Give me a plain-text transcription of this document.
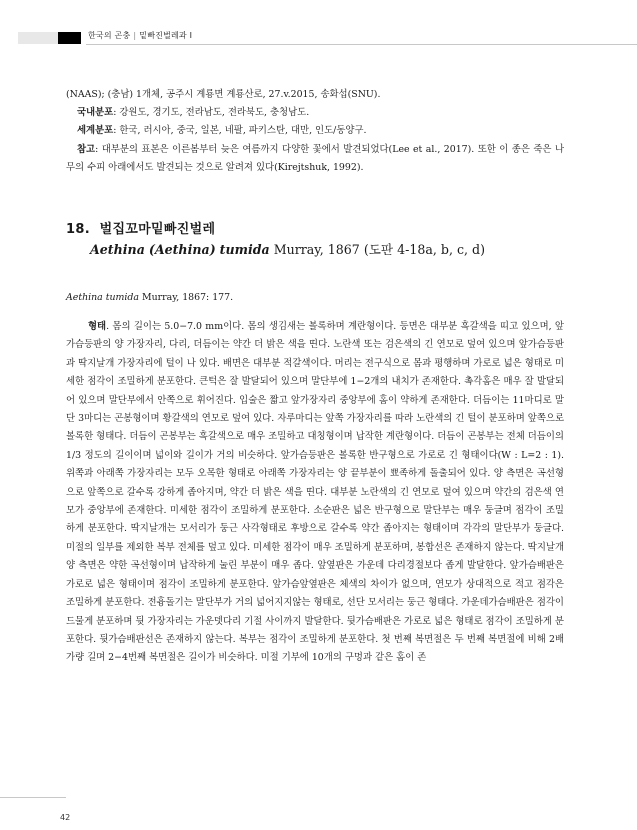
한국의 곤충 | 밑빠진벌레과 I
(NAAS); (충남) 1개체, 공주시 계룡면 계룡산로, 27.v.2015, 송화섭(SNU).
국내분포: 강원도, 경기도, 전라남도, 전라북도, 충청남도.
세계분포: 한국, 러시아, 중국, 일본, 네팔, 파키스탄, 대만, 인도/동양구.
참고: 대부분의 표본은 이른봄부터 늦은 여름까지 다양한 꽃에서 발견되었다(Lee et al., 2017). 또한 이 종은 죽은 나무의 수피 아래에서도 발견되는 것으로 알려져 있다(Kirejtshuk, 1992).
18. 벌집꼬마밑빠진벌레
Aethina (Aethina) tumida Murray, 1867 (도판 4-18a, b, c, d)
Aethina tumida Murray, 1867: 177.
형태. 몸의 길이는 5.0−7.0 mm이다. 몸의 생김새는 볼록하며 계란형이다. 등면은 대부분 흑갈색을 띠고 있으며, 앞가슴등판의 양 가장자리, 다리, 더듬이는 약간 더 밝은 색을 띤다. 노란색 또는 검은색의 긴 연모로 덮여 있으며 앞가슴등판과 딱지날개 가장자리에 털이 나 있다. 배면은 대부분 적갈색이다. 머리는 전구식으로 몸과 평행하며 가로로 넓은 형태로 미세한 점각이 조밀하게 분포한다. 큰턱은 잘 발달되어 있으며 말단부에 1−2개의 내치가 존재한다. 촉각홈은 매우 잘 발달되어 있으며 말단부에서 안쪽으로 휘어진다. 입술은 짧고 앞가장자리 중앙부에 홈이 약하게 존재한다. 더듬이는 11마디로 말단 3마디는 곤봉형이며 황갈색의 연모로 덮여 있다. 자루마디는 앞쪽 가장자리를 따라 노란색의 긴 털이 분포하며 앞쪽으로 볼록한 형태다. 더듬이 곤봉부는 흑갈색으로 매우 조밀하고 대칭형이며 납작한 계란형이다. 더듬이 곤봉부는 전체 더듬이의 1/3 정도의 길이이며 넓이와 길이가 거의 비슷하다. 앞가슴등판은 볼록한 반구형으로 가로로 긴 형태이다(W : L=2 : 1). 위쪽과 아래쪽 가장자리는 모두 오목한 형태로 아래쪽 가장자리는 양 끝부분이 뾰족하게 돌출되어 있다. 양 측면은 곡선형으로 앞쪽으로 갈수록 강하게 좁아지며, 약간 더 밝은 색을 띤다. 대부분 노란색의 긴 연모로 덮여 있으며 약간의 검은색 연모가 중앙부에 존재한다. 미세한 점각이 조밀하게 분포한다. 소순판은 넓은 반구형으로 말단부는 매우 둥글며 점각이 조밀하게 분포한다. 딱지날개는 모서리가 둥근 사각형태로 후방으로 갈수록 약간 좁아지는 형태이며 각각의 말단부가 둥글다. 미절의 일부를 제외한 복부 전체를 덮고 있다. 미세한 점각이 매우 조밀하게 분포하며, 봉합선은 존재하지 않는다. 딱지날개 양 측면은 약한 곡선형이며 납작하게 눌린 부분이 매우 좁다. 앞옆판은 가운데 다리경절보다 좁게 발달한다. 앞가슴배판은 가로로 넓은 형태이며 점각이 조밀하게 분포한다. 앞가슴앞옆판은 체색의 차이가 없으며, 연모가 상대적으로 적고 점각은 조밀하게 분포한다. 전흉돌기는 말단부가 거의 넓어지지않는 형태로, 선단 모서리는 둥근 형태다. 가운데가슴배판은 점각이 드물게 분포하며 뒷 가장자리는 가운뎃다리 기절 사이까지 발달한다. 뒷가슴배판은 가로로 넓은 형태로 점각이 조밀하게 분포한다. 뒷가슴배판선은 존재하지 않는다. 복부는 점각이 조밀하게 분포한다. 첫 번째 복면절은 두 번째 복면절에 비해 2배가량 길며 2−4번째 복면절은 길이가 비슷하다. 미절 기부에 10개의 구멍과 같은 홈이 존
42
